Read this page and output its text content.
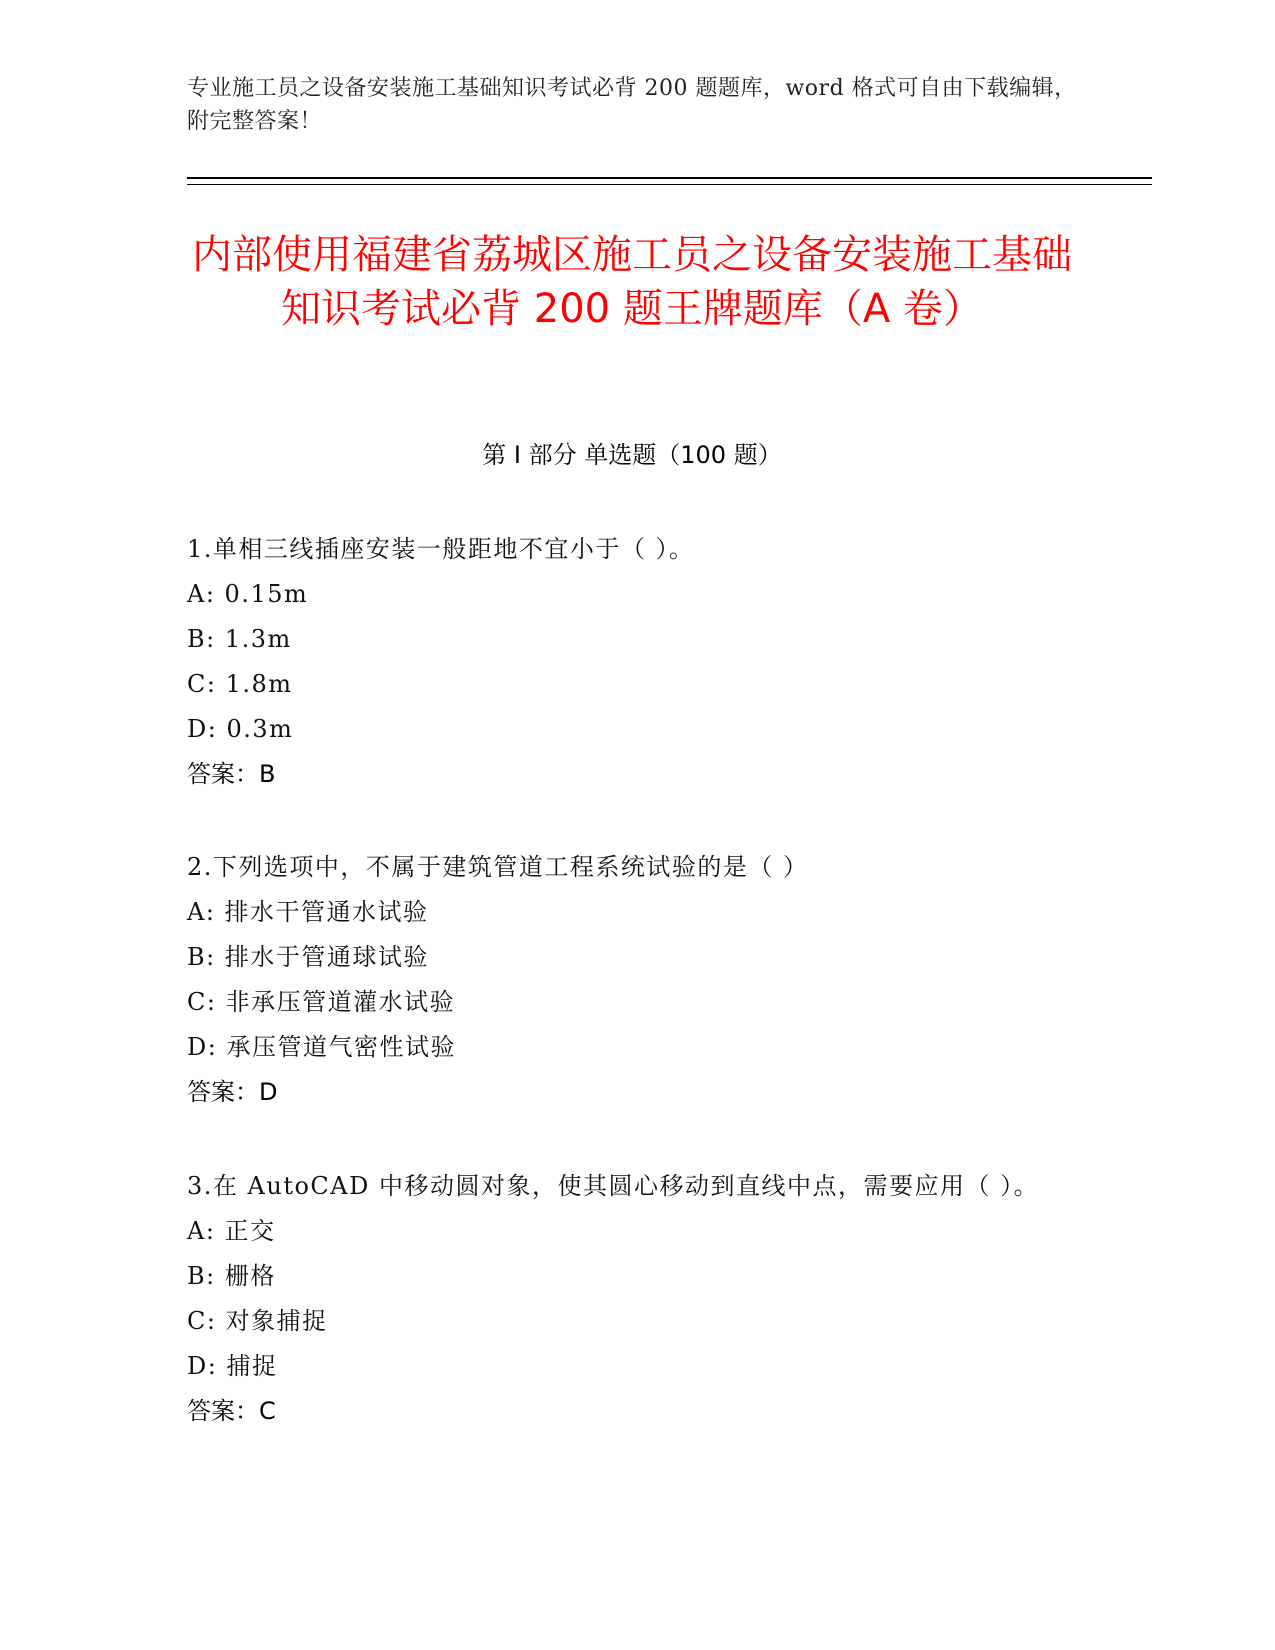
专业施工员之设备安装施工基础知识考试必背 200 题题库，word 格式可自由下载编辑，附完整答案！
内部使用福建省荔城区施工员之设备安装施工基础知识考试必背 200 题王牌题库（A 卷）
第 I 部分 单选题（100 题）
1.单相三线插座安装一般距地不宜小于（ ）。
A: 0.15m
B: 1.3m
C: 1.8m
D: 0.3m
答案：B
2.下列选项中，不属于建筑管道工程系统试验的是（ ）
A: 排水干管通水试验
B: 排水于管通球试验
C: 非承压管道灌水试验
D: 承压管道气密性试验
答案：D
3.在 AutoCAD 中移动圆对象，使其圆心移动到直线中点，需要应用（ ）。
A: 正交
B: 栅格
C: 对象捕捉
D: 捕捉
答案：C
